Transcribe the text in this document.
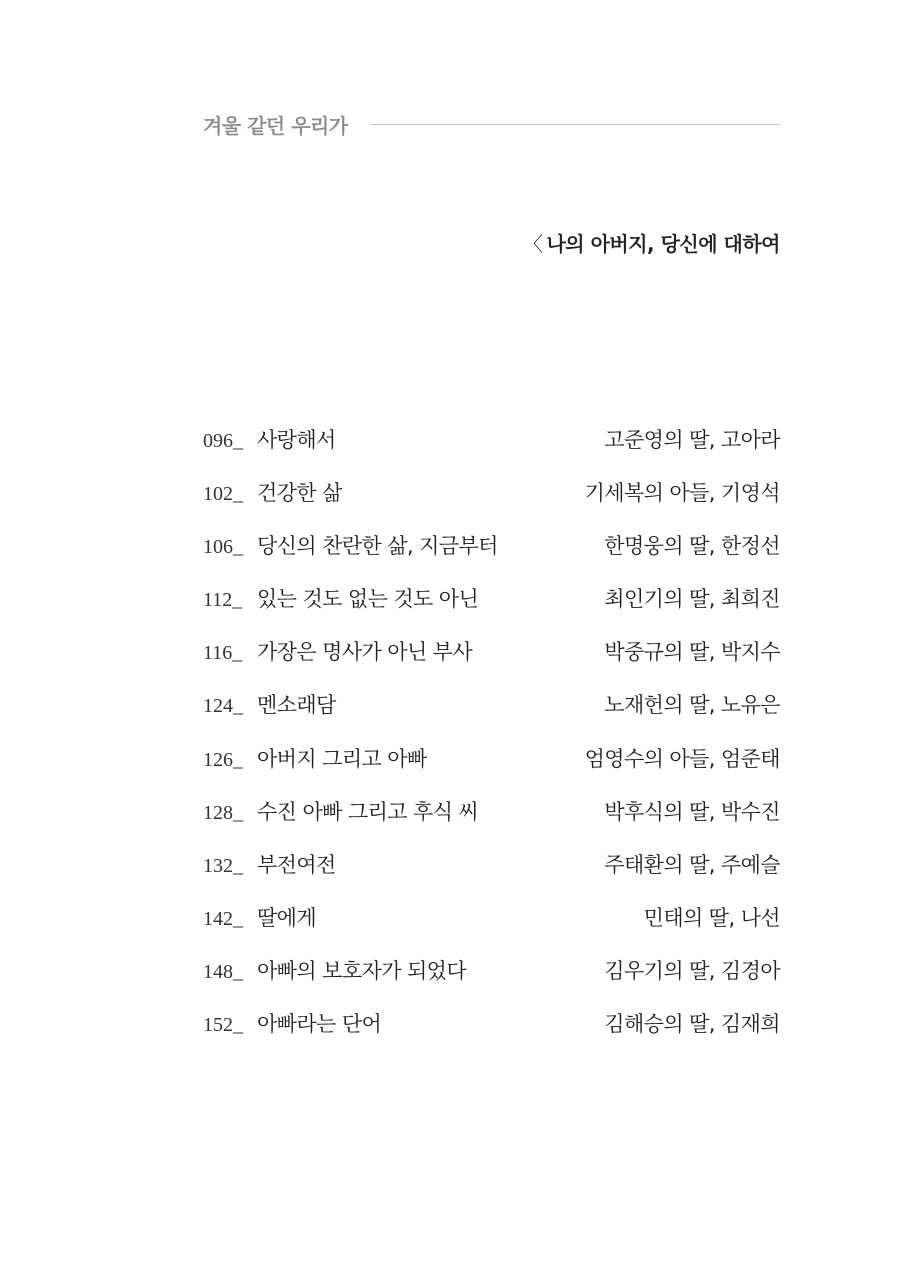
겨울 같던 우리가
〈 나의 아버지, 당신에 대하여
096_ 사랑해서	고준영의 딸, 고아라
102_ 건강한 삶	기세복의 아들, 기영석
106_ 당신의 찬란한 삶, 지금부터	한명웅의 딸, 한정선
112_ 있는 것도 없는 것도 아닌	최인기의 딸, 최희진
116_ 가장은 명사가 아닌 부사	박중규의 딸, 박지수
124_ 멘소래담	노재헌의 딸, 노유은
126_ 아버지 그리고 아빠	엄영수의 아들, 엄준태
128_ 수진 아빠 그리고 후식 씨	박후식의 딸, 박수진
132_ 부전여전	주태환의 딸, 주예슬
142_ 딸에게	민태의 딸, 나선
148_ 아빠의 보호자가 되었다	김우기의 딸, 김경아
152_ 아빠라는 단어	김해승의 딸, 김재희
